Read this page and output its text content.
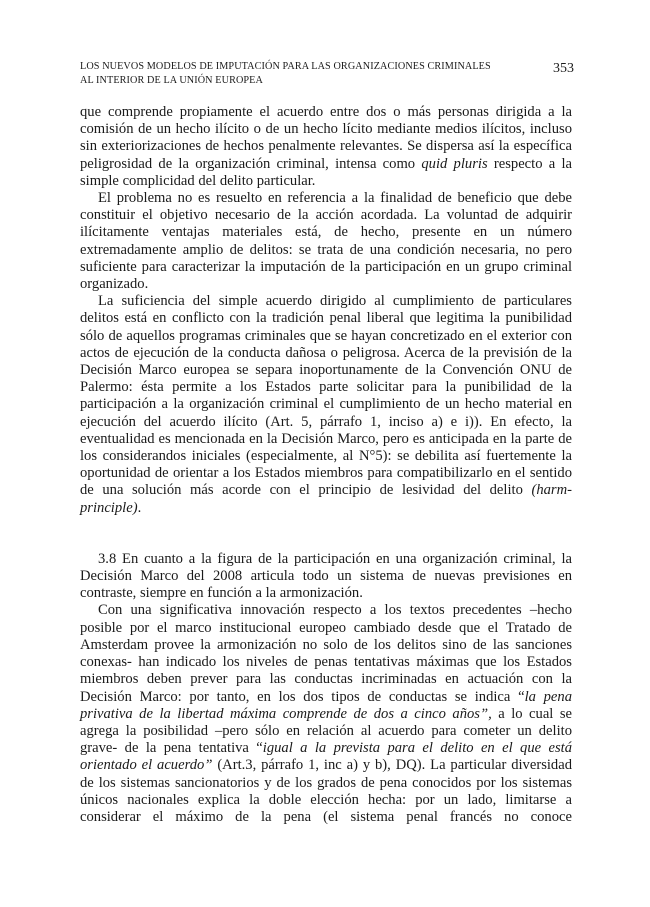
LOS NUEVOS MODELOS DE IMPUTACIÓN PARA LAS ORGANIZACIONES CRIMINALES
AL INTERIOR DE LA UNIÓN EUROPEA
353

que comprende propiamente el acuerdo entre dos o más personas dirigida a la comisión de un hecho ilícito o de un hecho lícito mediante medios ilícitos, incluso sin exteriorizaciones de hechos penalmente relevantes. Se dispersa así la específica peligrosidad de la organización criminal, intensa como quid pluris respecto a la simple complicidad del delito particular.

El problema no es resuelto en referencia a la finalidad de beneficio que debe constituir el objetivo necesario de la acción acordada. La voluntad de adquirir ilícitamente ventajas materiales está, de hecho, presente en un número extremadamente amplio de delitos: se trata de una condición necesaria, no pero suficiente para caracterizar la imputación de la participación en un grupo criminal organizado.

La suficiencia del simple acuerdo dirigido al cumplimiento de particulares delitos está en conflicto con la tradición penal liberal que legitima la punibilidad sólo de aquellos programas criminales que se hayan concretizado en el exterior con actos de ejecución de la conducta dañosa o peligrosa. Acerca de la previsión de la Decisión Marco europea se separa inoportunamente de la Convención ONU de Palermo: ésta permite a los Estados parte solicitar para la punibilidad de la participación a la organización criminal el cumplimiento de un hecho material en ejecución del acuerdo ilícito (Art. 5, párrafo 1, inciso a) e i)). En efecto, la eventualidad es mencionada en la Decisión Marco, pero es anticipada en la parte de los considerandos iniciales (especialmente, al N°5): se debilita así fuertemente la oportunidad de orientar a los Estados miembros para compatibilizarlo en el sentido de una solución más acorde con el principio de lesividad del delito (harm-principle).

3.8 En cuanto a la figura de la participación en una organización criminal, la Decisión Marco del 2008 articula todo un sistema de nuevas previsiones en contraste, siempre en función a la armonización.

Con una significativa innovación respecto a los textos precedentes –hecho posible por el marco institucional europeo cambiado desde que el Tratado de Amsterdam provee la armonización no solo de los delitos sino de las sanciones conexas- han indicado los niveles de penas tentativas máximas que los Estados miembros deben prever para las conductas incriminadas en actuación con la Decisión Marco: por tanto, en los dos tipos de conductas se indica “la pena privativa de la libertad máxima comprende de dos a cinco años”, a lo cual se agrega la posibilidad –pero sólo en relación al acuerdo para cometer un delito grave- de la pena tentativa “igual a la prevista para el delito en el que está orientado el acuerdo” (Art.3, párrafo 1, inc a) y b), DQ). La particular diversidad de los sistemas sancionatorios y de los grados de pena conocidos por los sistemas únicos nacionales explica la doble elección hecha: por un lado, limitarse a considerar el máximo de la pena (el sistema penal francés no conoce
